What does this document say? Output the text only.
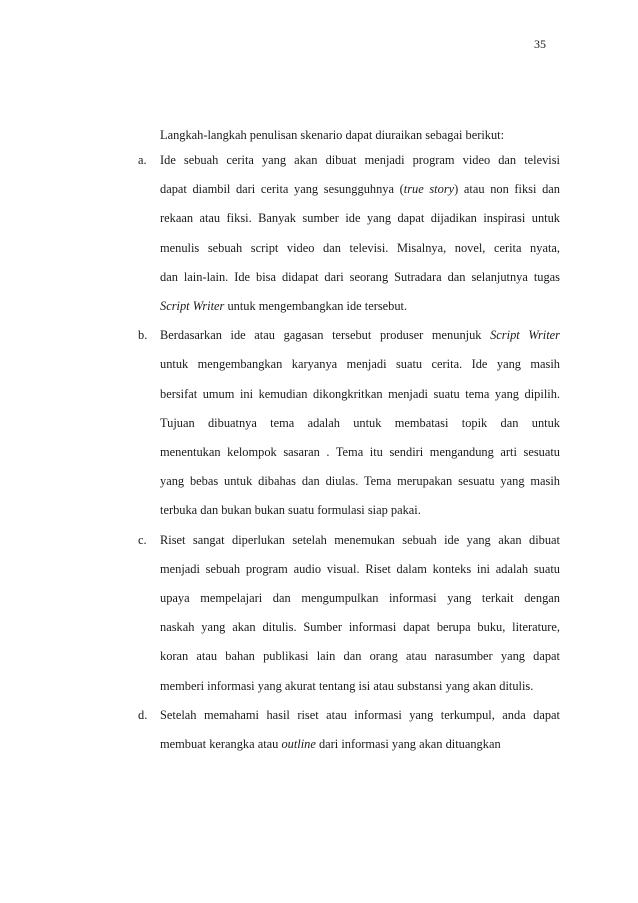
35
Langkah-langkah penulisan skenario dapat diuraikan sebagai berikut:
a. Ide sebuah cerita yang akan dibuat menjadi program video dan televisi
dapat diambil dari cerita yang sesungguhnya (true story) atau non fiksi dan
rekaan atau fiksi. Banyak sumber ide yang dapat dijadikan inspirasi untuk
menulis sebuah script video dan televisi. Misalnya, novel, cerita nyata,
dan lain-lain. Ide bisa didapat dari seorang Sutradara dan selanjutnya tugas
Script Writer untuk mengembangkan ide tersebut.
b. Berdasarkan ide atau gagasan tersebut produser menunjuk Script Writer
untuk mengembangkan karyanya menjadi suatu cerita. Ide yang masih
bersifat umum ini kemudian dikongkritkan menjadi suatu tema yang dipilih.
Tujuan dibuatnya tema adalah untuk membatasi topik dan untuk
menentukan kelompok sasaran . Tema itu sendiri mengandung arti sesuatu
yang bebas untuk dibahas dan diulas. Tema merupakan sesuatu yang masih
terbuka dan bukan bukan suatu formulasi siap pakai.
c. Riset sangat diperlukan setelah menemukan sebuah ide yang akan dibuat
menjadi sebuah program audio visual. Riset dalam konteks ini adalah suatu
upaya mempelajari dan mengumpulkan informasi yang terkait dengan
naskah yang akan ditulis. Sumber informasi dapat berupa buku, literature,
koran atau bahan publikasi lain dan orang atau narasumber yang dapat
memberi informasi yang akurat tentang isi atau substansi yang akan ditulis.
d. Setelah memahami hasil riset atau informasi yang terkumpul, anda dapat
membuat kerangka atau outline dari informasi yang akan dituangkan
